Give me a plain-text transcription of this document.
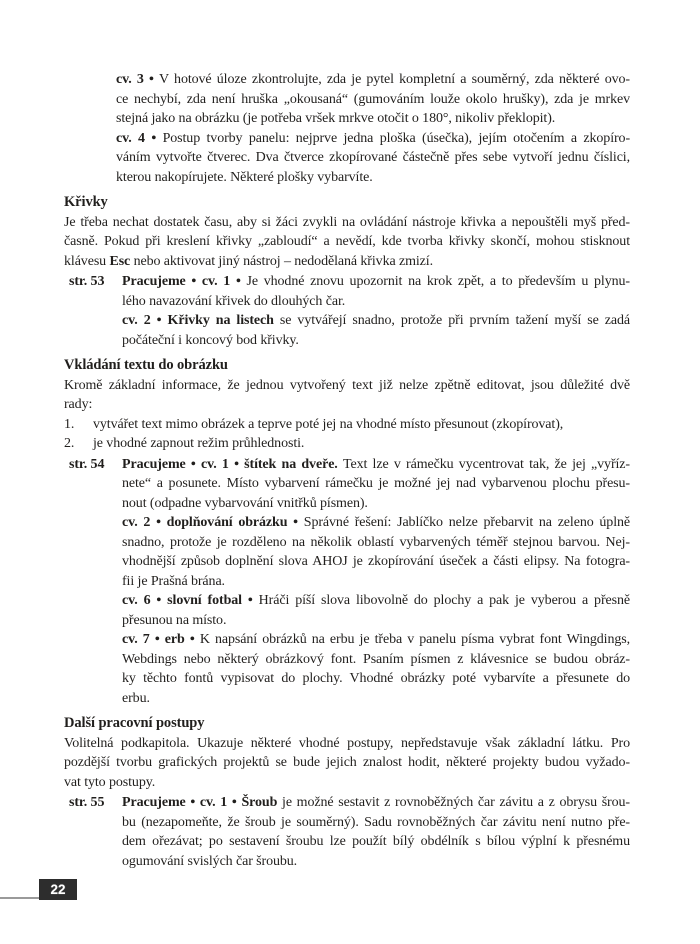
cv. 3 • V hotové úloze zkontrolujte, zda je pytel kompletní a souměrný, zda některé ovo-
ce nechybí, zda není hruška „okousaná“ (gumováním louže okolo hrušky), zda je mrkev
stejná jako na obrázku (je potřeba vršek mrkve otočit o 180°, nikoliv překlopit).
cv. 4 • Postup tvorby panelu: nejprve jedna ploška (úsečka), jejím otočením a zkopíro-
váním vytvořte čtverec. Dva čtverce zkopírované částečně přes sebe vytvoří jednu číslici,
kterou nakopírujete. Některé plošky vybarvíte.
Křivky
Je třeba nechat dostatek času, aby si žáci zvykli na ovládání nástroje křivka a nepouštěli myš před-
časně. Pokud při kreslení křivky „zabloudí“ a nevědí, kde tvorba křivky skončí, mohou stisknout
klávesu Esc nebo aktivovat jiný nástroj – nedodělaná křivka zmizí.
str. 53 Pracujeme • cv. 1 • Je vhodné znovu upozornit na krok zpět, a to především u plynu-
lého navazování křivek do dlouhých čar.
cv. 2 • Křivky na listech se vytvářejí snadno, protože při prvním tažení myší se zadá
počáteční i koncový bod křivky.
Vkládání textu do obrázku
Kromě základní informace, že jednou vytvořený text již nelze zpětně editovat, jsou důležité dvě
rady:
1. vytvářet text mimo obrázek a teprve poté jej na vhodné místo přesunout (zkopírovat),
2. je vhodné zapnout režim průhlednosti.
str. 54 Pracujeme • cv. 1 • štítek na dveře. Text lze v rámečku vycentrovat tak, že jej „vyříz-
nete“ a posunete. Místo vybarvení rámečku je možné jej nad vybarvenou plochu přesu-
nout (odpadne vybarvování vnitřků písmen).
cv. 2 • doplňování obrázku • Správné řešení: Jablíčko nelze přebarvit na zeleno úplně
snadno, protože je rozděleno na několik oblastí vybarvených téměř stejnou barvou. Nej-
vhodnější způsob doplnění slova AHOJ je zkopírování úseček a části elipsy. Na fotogra-
fii je Prašná brána.
cv. 6 • slovní fotbal • Hráči píší slova libovolně do plochy a pak je vyberou a přesně
přesunou na místo.
cv. 7 • erb • K napsání obrázků na erbu je třeba v panelu písma vybrat font Wingdings,
Webdings nebo některý obrázkový font. Psaním písmen z klávesnice se budou obráz-
ky těchto fontů vypisovat do plochy. Vhodné obrázky poté vybarvíte a přesunete do
erbu.
Další pracovní postupy
Volitelná podkapitola. Ukazuje některé vhodné postupy, nepředstavuje však základní látku. Pro
pozdější tvorbu grafických projektů se bude jejich znalost hodit, některé projekty budou vyžado-
vat tyto postupy.
str. 55 Pracujeme • cv. 1 • Šroub je možné sestavit z rovnoběžných čar závitu a z obrysu šrou-
bu (nezapomeňte, že šroub je souměrný). Sadu rovnoběžných čar závitu není nutno pře-
dem ořezávat; po sestavení šroubu lze použít bílý obdélník s bílou výplní k přesnému
ogumování svislých čar šroubu.
22
